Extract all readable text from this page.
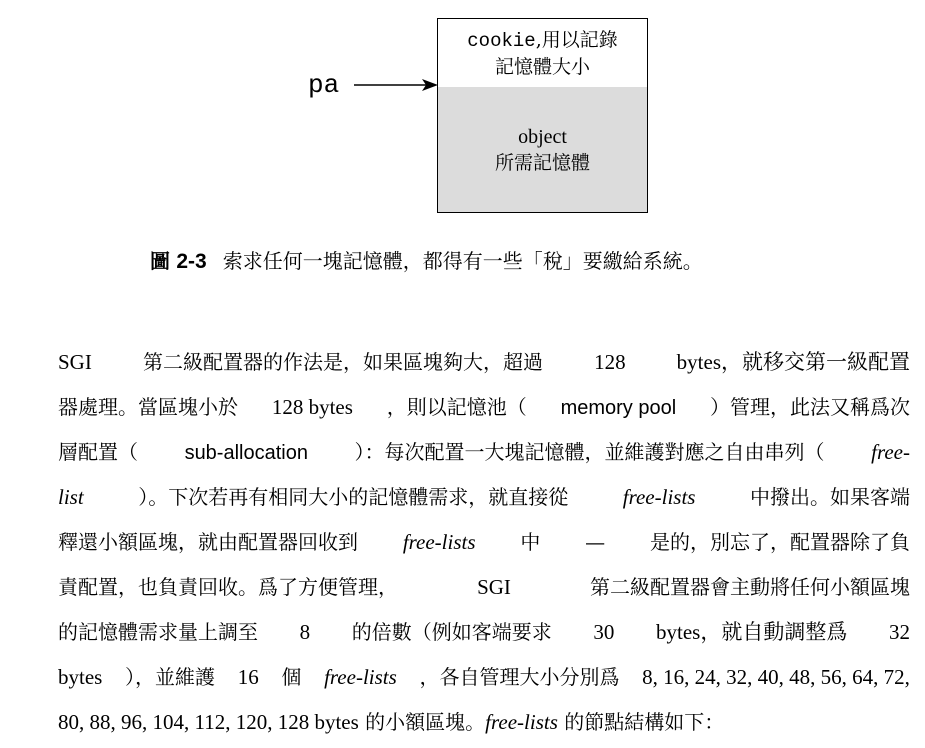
pa
cookie,用以記錄
記憶體大小
object
所需記憶體
圖 2-3 索求任何一塊記憶體，都得有一些「稅」要繳給系統。
SGI	第二級配置器的作法是，如果區塊夠大，超過 128 bytes，就移交第一級配置
器處理。當區塊小於 128 bytes ，則以記憶池（ memory pool ）管理，此法又稱爲次
層配置（ sub-allocation ）：每次配置一大塊記憶體，並維護對應之自由串列（ free-
list	）。下次若再有相同大小的記憶體需求，就直接從	free-lists	中撥出。如果客端
釋還小額區塊，就由配置器回收到 free-lists 中 — 是的，別忘了，配置器除了負
責配置，也負責回收。爲了方便管理，	SGI	第二級配置器會主動將任何小額區塊
的記憶體需求量上調至 8 的倍數（例如客端要求 30 bytes，就自動調整爲 32
bytes ），並維護 16 個 free-lists ，各自管理大小分別爲 8, 16, 24, 32, 40, 48, 56, 64, 72,
80, 88, 96, 104, 112, 120, 128 bytes
的小額區塊。 free-lists
的節點結構如下：
